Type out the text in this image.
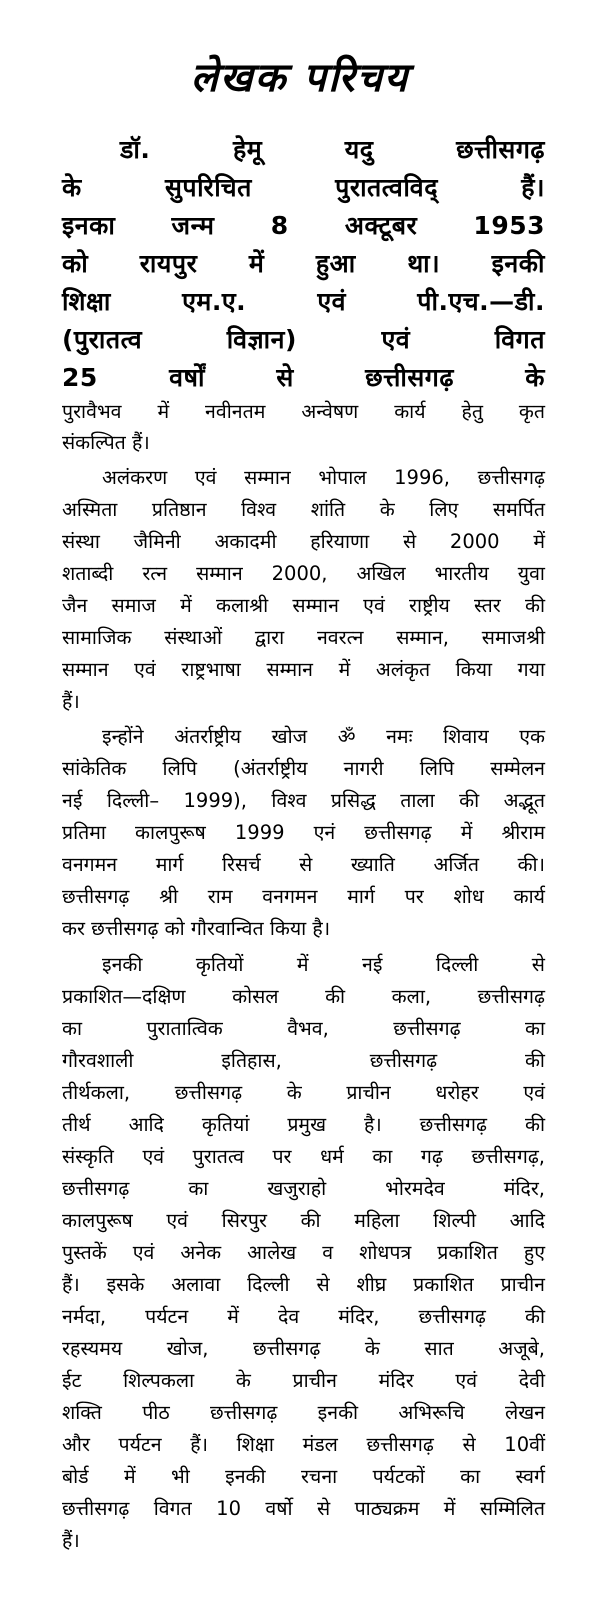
लेखक परिचय
डॉ. हेमू यदु छत्तीसगढ़
के सुपरिचित पुरातत्वविद् हैं।
इनका जन्म 8 अक्टूबर 1953
को रायपुर में हुआ था। इनकी
शिक्षा एम.ए. एवं पी.एच.—डी.
(पुरातत्व विज्ञान) एवं विगत
25 वर्षों से छत्तीसगढ़ के
पुरावैभव में नवीनतम अन्वेषण कार्य हेतु कृत
संकल्पित हैं।
अलंकरण एवं सम्मान भोपाल 1996, छत्तीसगढ़
अस्मिता प्रतिष्ठान विश्व शांति के लिए समर्पित
संस्था जैमिनी अकादमी हरियाणा से 2000 में
शताब्दी रत्न सम्मान 2000, अखिल भारतीय युवा
जैन समाज में कलाश्री सम्मान एवं राष्ट्रीय स्तर की
सामाजिक संस्थाओं द्वारा नवरत्न सम्मान, समाजश्री
सम्मान एवं राष्ट्रभाषा सम्मान में अलंकृत किया गया
हैं।
इन्होंने अंतर्राष्ट्रीय खोज ॐ नमः शिवाय एक
सांकेतिक लिपि (अंतर्राष्ट्रीय नागरी लिपि सम्मेलन
नई दिल्ली– 1999), विश्व प्रसिद्ध ताला की अद्भूत
प्रतिमा कालपुरूष 1999 एनं छत्तीसगढ़ में श्रीराम
वनगमन मार्ग रिसर्च से ख्याति अर्जित की।
छत्तीसगढ़ श्री राम वनगमन मार्ग पर शोध कार्य
कर छत्तीसगढ़ को गौरवान्वित किया है।
इनकी कृतियों में नई दिल्ली से
प्रकाशित—दक्षिण कोसल की कला, छत्तीसगढ़
का पुरातात्विक वैभव, छत्तीसगढ़ का
गौरवशाली इतिहास, छत्तीसगढ़ की
तीर्थकला, छत्तीसगढ़ के प्राचीन धरोहर एवं
तीर्थ आदि कृतियां प्रमुख है। छत्तीसगढ़ की
संस्कृति एवं पुरातत्व पर धर्म का गढ़ छत्तीसगढ़,
छत्तीसगढ़ का खजुराहो भोरमदेव मंदिर,
कालपुरूष एवं सिरपुर की महिला शिल्पी आदि
पुस्तकें एवं अनेक आलेख व शोधपत्र प्रकाशित हुए
हैं। इसके अलावा दिल्ली से शीघ्र प्रकाशित प्राचीन
नर्मदा, पर्यटन में देव मंदिर, छत्तीसगढ़ की
रहस्यमय खोज, छत्तीसगढ़ के सात अजूबे,
ईट शिल्पकला के प्राचीन मंदिर एवं देवी
शक्ति पीठ छत्तीसगढ़ इनकी अभिरूचि लेखन
और पर्यटन हैं। शिक्षा मंडल छत्तीसगढ़ से 10वीं
बोर्ड में भी इनकी रचना पर्यटकों का स्वर्ग
छत्तीसगढ़ विगत 10 वर्षो से पाठ्यक्रम में सम्मिलित
हैं।
